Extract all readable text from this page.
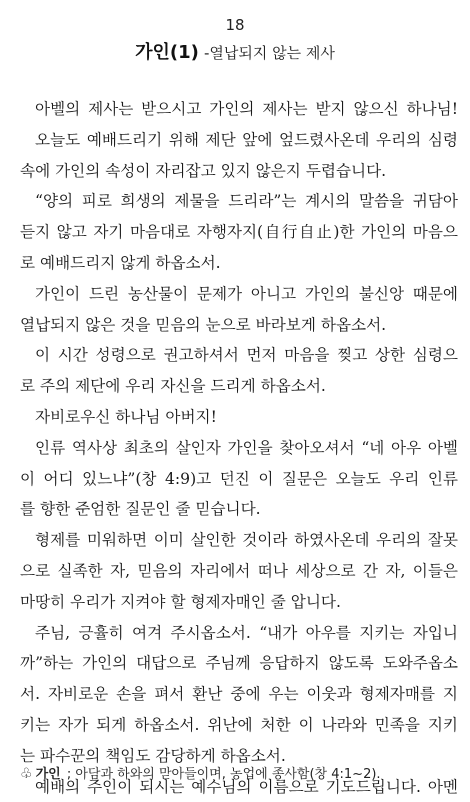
18
가인(1) -열납되지 않는 제사
아벨의 제사는 받으시고 가인의 제사는 받지 않으신 하나님!
오늘도 예배드리기 위해 제단 앞에 엎드렸사온데 우리의 심령
속에 가인의 속성이 자리잡고 있지 않은지 두렵습니다.
“양의 피로 희생의 제물을 드리라”는 계시의 말씀을 귀담아
듣지 않고 자기 마음대로 자행자지(自行自止)한 가인의 마음으
로 예배드리지 않게 하옵소서.
가인이 드린 농산물이 문제가 아니고 가인의 불신앙 때문에
열납되지 않은 것을 믿음의 눈으로 바라보게 하옵소서.
이 시간 성령으로 권고하셔서 먼저 마음을 찢고 상한 심령으
로 주의 제단에 우리 자신을 드리게 하옵소서.
자비로우신 하나님 아버지!
인류 역사상 최초의 살인자 가인을 찾아오셔서 “네 아우 아벨
이 어디 있느냐”(창 4:9)고 던진 이 질문은 오늘도 우리 인류
를 향한 준엄한 질문인 줄 믿습니다.
형제를 미워하면 이미 살인한 것이라 하였사온데 우리의 잘못
으로 실족한 자, 믿음의 자리에서 떠나 세상으로 간 자, 이들은
마땅히 우리가 지켜야 할 형제자매인 줄 압니다.
주님, 긍휼히 여겨 주시옵소서. “내가 아우를 지키는 자입니
까”하는 가인의 대답으로 주님께 응답하지 않도록 도와주옵소
서. 자비로운 손을 펴서 환난 중에 우는 이웃과 형제자매를 지
키는 자가 되게 하옵소서. 위난에 처한 이 나라와 민족을 지키
는 파수꾼의 책임도 감당하게 하옵소서.
예배의 주인이 되시는 예수님의 이름으로 기도드립니다. 아멘
♧ 가인 ; 아담과 하와의 맏아들이며, 농업에 종사함(창 4:1~2).
